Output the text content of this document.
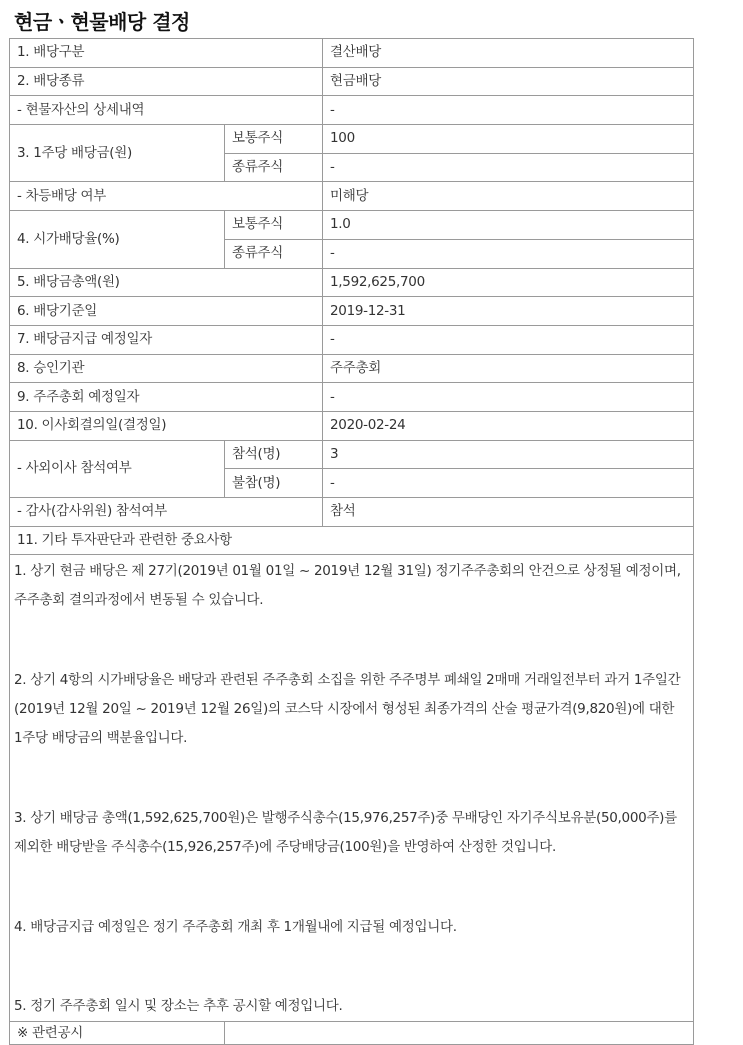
현금ㆍ현물배당 결정
1. 배당구분		결산배당
2. 배당종류		현금배당
- 현물자산의 상세내역		-
3. 1주당 배당금(원)	보통주식	100
	종류주식	-
- 차등배당 여부		미해당
4. 시가배당율(%)	보통주식	1.0
	종류주식	-
5. 배당금총액(원)		1,592,625,700
6. 배당기준일		2019-12-31
7. 배당금지급 예정일자		-
8. 승인기관		주주총회
9. 주주총회 예정일자		-
10. 이사회결의일(결정일)		2020-02-24
- 사외이사 참석여부	참석(명)	3
	불참(명)	-
- 감사(감사위원) 참석여부		참석
11. 기타 투자판단과 관련한 중요사항		

1. 상기 현금 배당은 제 27기(2019년 01월 01일 ~ 2019년 12월 31일) 정기주주총회의 안건으로 상정될 예정이며, 주주총회 결의과정에서 변동될 수 있습니다.

2. 상기 4항의 시가배당율은 배당과 관련된 주주총회 소집을 위한 주주명부 폐쇄일 2매매 거래일전부터 과거 1주일간(2019년 12월 20일 ~ 2019년 12월 26일)의 코스닥 시장에서 형성된 최종가격의 산술 평균가격(9,820원)에 대한 1주당 배당금의 백분율입니다.

3. 상기 배당금 총액(1,592,625,700원)은 발행주식총수(15,976,257주)중 무배당인 자기주식보유분(50,000주)를 제외한 배당받을 주식총수(15,926,257주)에 주당배당금(100원)을 반영하여 산정한 것입니다.

4. 배당금지급 예정일은 정기 주주총회 개최 후 1개월내에 지급될 예정입니다.

5. 정기 주주총회 일시 및 장소는 추후 공시할 예정입니다.		

※ 관련공시		
